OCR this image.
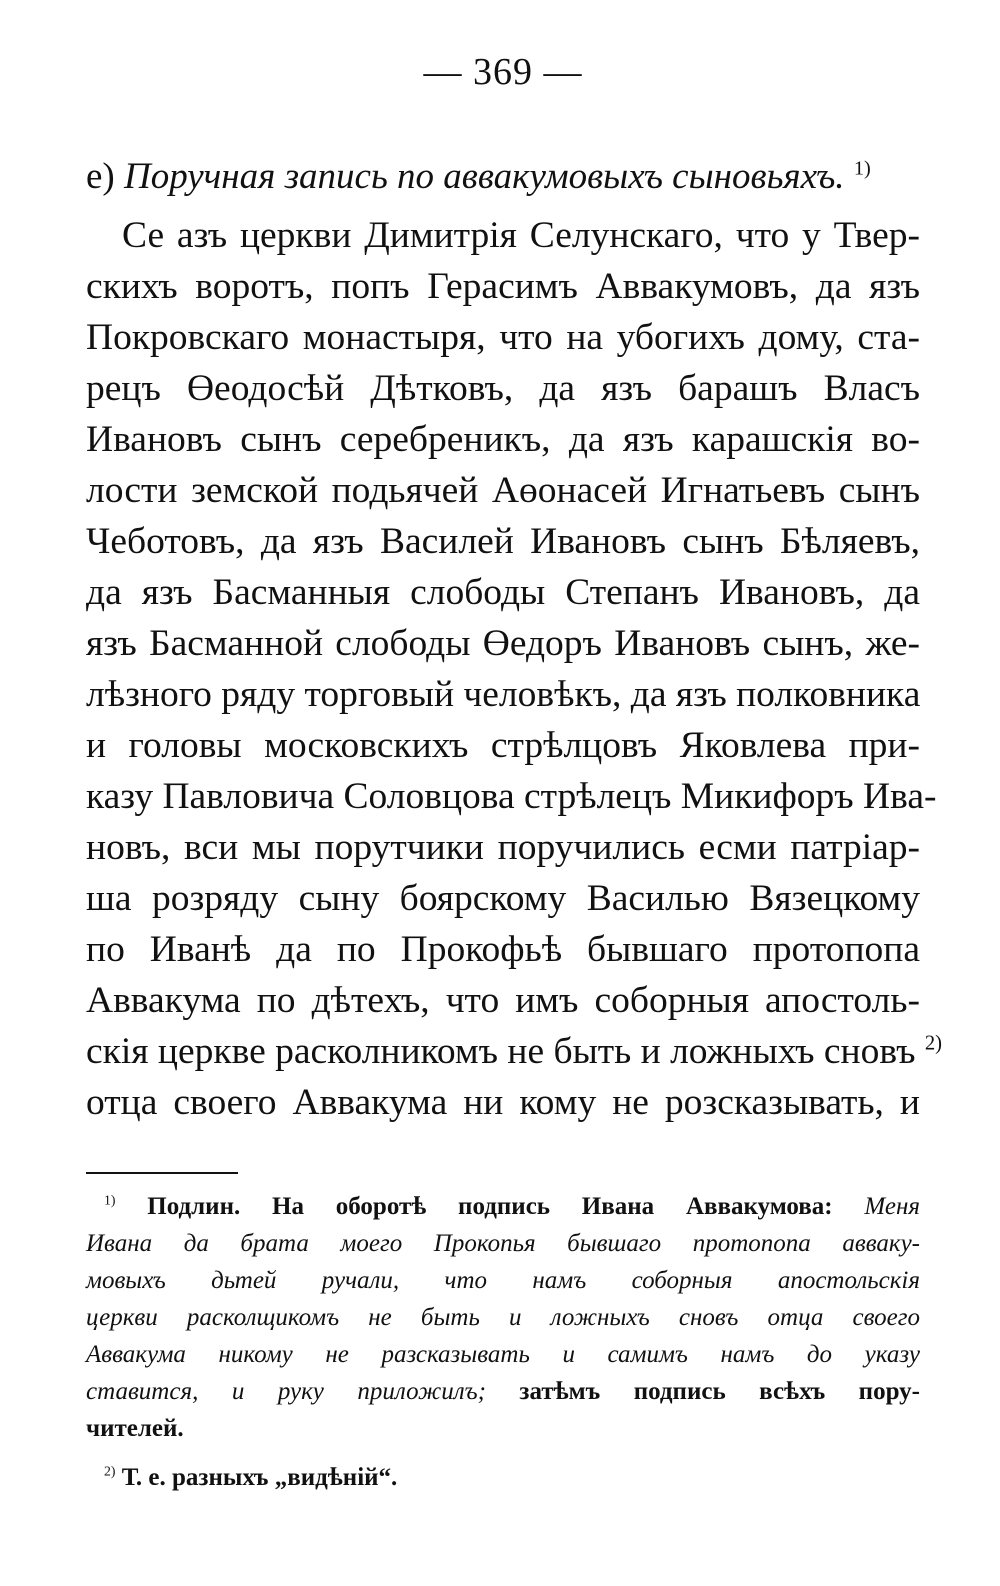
— 369 —
е) Поручная запись по аввакумовыхъ сыновьяхъ. $^{1)}$
Се азъ церкви Димитрія Селунскаго, что у Твер-
скихъ воротъ, попъ Герасимъ Аввакумовъ, да язъ
Покровскаго монастыря, что на убогихъ дому, ста-
рецъ Өеодосѣй Дѣтковъ, да язъ барашъ Власъ
Ивановъ сынъ серебреникъ, да язъ карашскія во-
лости земской подьячей Аөонасей Игнатьевъ сынъ
Чеботовъ, да язъ Василей Ивановъ сынъ Бѣляевъ,
да язъ Басманныя слободы Степанъ Ивановъ, да
язъ Басманной слободы Өедоръ Ивановъ сынъ, же-
лѣзного ряду торговый человѣкъ, да язъ полковника
и головы московскихъ стрѣлцовъ Яковлева при-
казу Павловича Соловцова стрѣлецъ Микифоръ Ива-
новъ, вси мы порутчики поручились есми патріар-
ша розряду сыну боярскому Василью Вязецкому
по Иванѣ да по Прокофьѣ бывшаго протопопа
Аввакума по дѣтехъ, что имъ соборныя апостоль-
скія церкве расколникомъ не быть и ложныхъ сновъ $^{2)}$
отца своего Аввакума ни кому не розсказывать, и
$^{1)}$ Подлин. На оборотѣ подпись Ивана Аввакумова: Меня
Ивана да брата моего Прокопья бывшаго протопопа авваку-
мовыхъ дьтей ручали, что намъ соборныя апостольскія
церкви расколщикомъ не быть и ложныхъ сновъ отца своего
Аввакума никому не разсказывать и самимъ намъ до указу
ставится, и руку приложилъ; затѣмъ подпись всѣхъ пору-
чителей.
$^{2)}$ Т. е. разныхъ „видѣній“.
